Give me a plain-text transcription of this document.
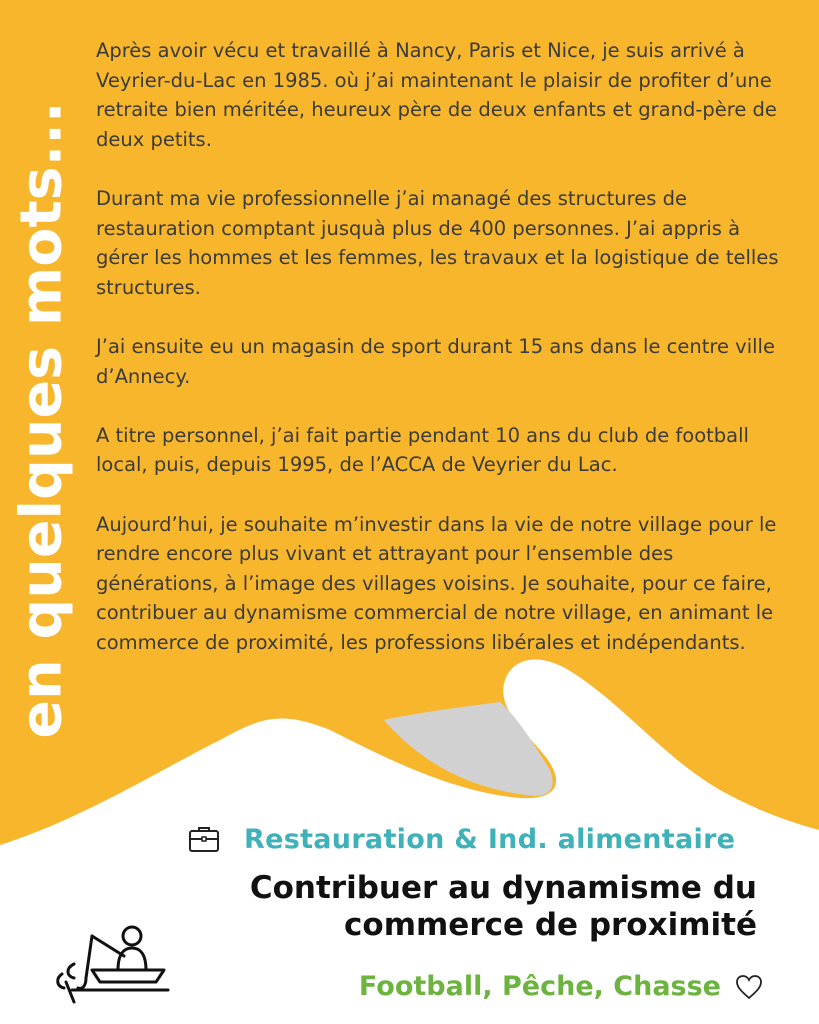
en quelques mots...

Après avoir vécu et travaillé à Nancy, Paris et Nice, je suis arrivé à Veyrier-du-Lac en 1985. où j’ai maintenant le plaisir de profiter d’une retraite bien méritée, heureux père de deux enfants et grand-père de deux petits.

Durant ma vie professionnelle j’ai managé des structures de restauration comptant jusquà plus de 400 personnes. J’ai appris à gérer les hommes et les femmes, les travaux et la logistique de telles structures.

J’ai ensuite eu un magasin de sport durant 15 ans dans le centre ville d’Annecy.

A titre personnel, j’ai fait partie pendant 10 ans du club de football local, puis, depuis 1995, de l’ACCA de Veyrier du Lac.

Aujourd’hui, je souhaite m’investir dans la vie de notre village pour le rendre encore plus vivant et attrayant pour l’ensemble des générations, à l’image des villages voisins. Je souhaite, pour ce faire, contribuer au dynamisme commercial de notre village, en animant le commerce de proximité, les professions libérales et indépendants.

Restauration & Ind. alimentaire
Contribuer au dynamisme du
commerce de proximité
Football, Pêche, Chasse
